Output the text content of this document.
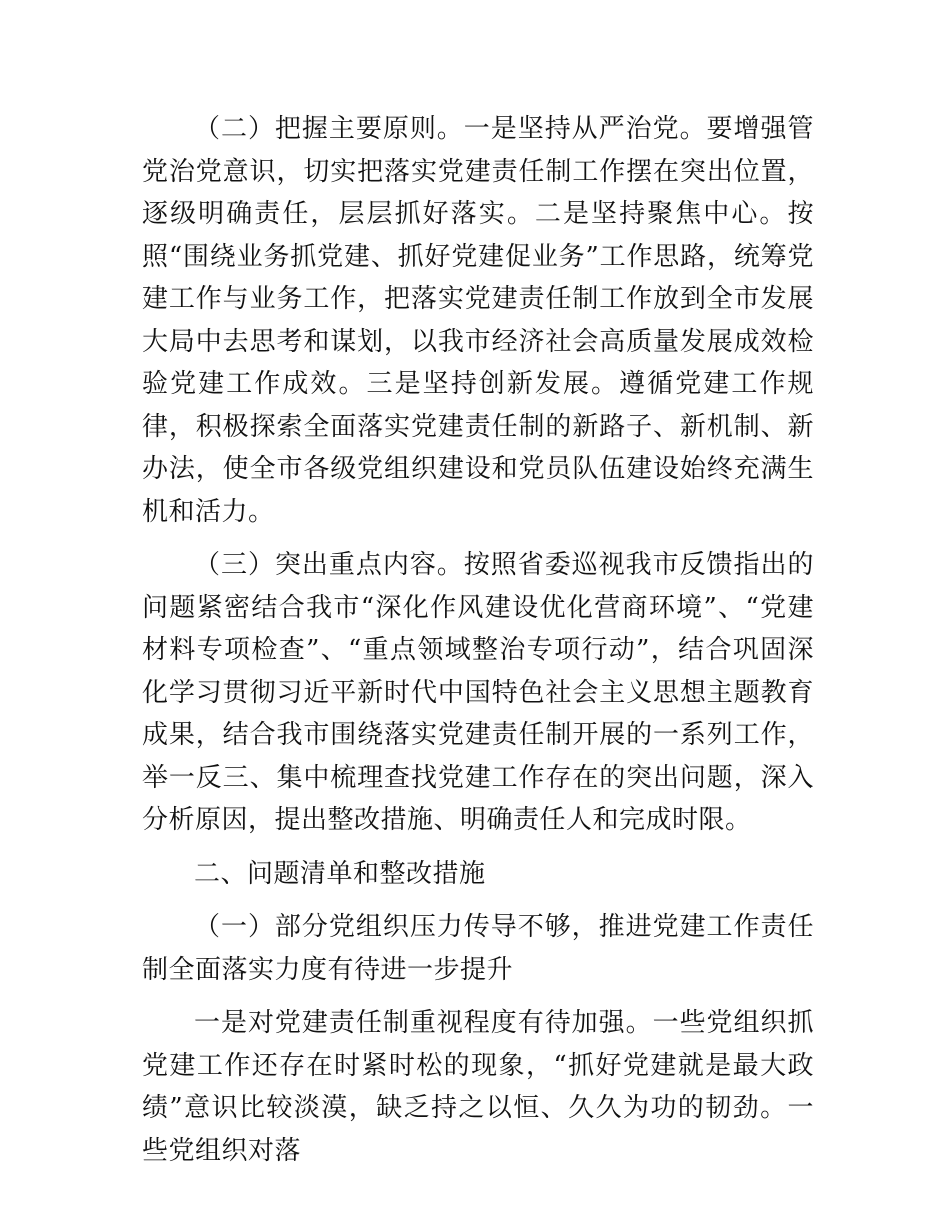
（二）把握主要原则。一是坚持从严治党。要增强管党治党意识，切实把落实党建责任制工作摆在突出位置，逐级明确责任，层层抓好落实。二是坚持聚焦中心。按照“围绕业务抓党建、抓好党建促业务”工作思路，统筹党建工作与业务工作，把落实党建责任制工作放到全市发展大局中去思考和谋划，以我市经济社会高质量发展成效检验党建工作成效。三是坚持创新发展。遵循党建工作规律，积极探索全面落实党建责任制的新路子、新机制、新办法，使全市各级党组织建设和党员队伍建设始终充满生机和活力。

（三）突出重点内容。按照省委巡视我市反馈指出的问题紧密结合我市“深化作风建设优化营商环境”、“党建材料专项检查”、“重点领域整治专项行动”，结合巩固深化学习贯彻习近平新时代中国特色社会主义思想主题教育成果，结合我市围绕落实党建责任制开展的一系列工作，举一反三、集中梳理查找党建工作存在的突出问题，深入分析原因，提出整改措施、明确责任人和完成时限。

二、问题清单和整改措施

（一）部分党组织压力传导不够，推进党建工作责任制全面落实力度有待进一步提升

一是对党建责任制重视程度有待加强。一些党组织抓党建工作还存在时紧时松的现象，“抓好党建就是最大政绩”意识比较淡漠，缺乏持之以恒、久久为功的韧劲。一些党组织对落
